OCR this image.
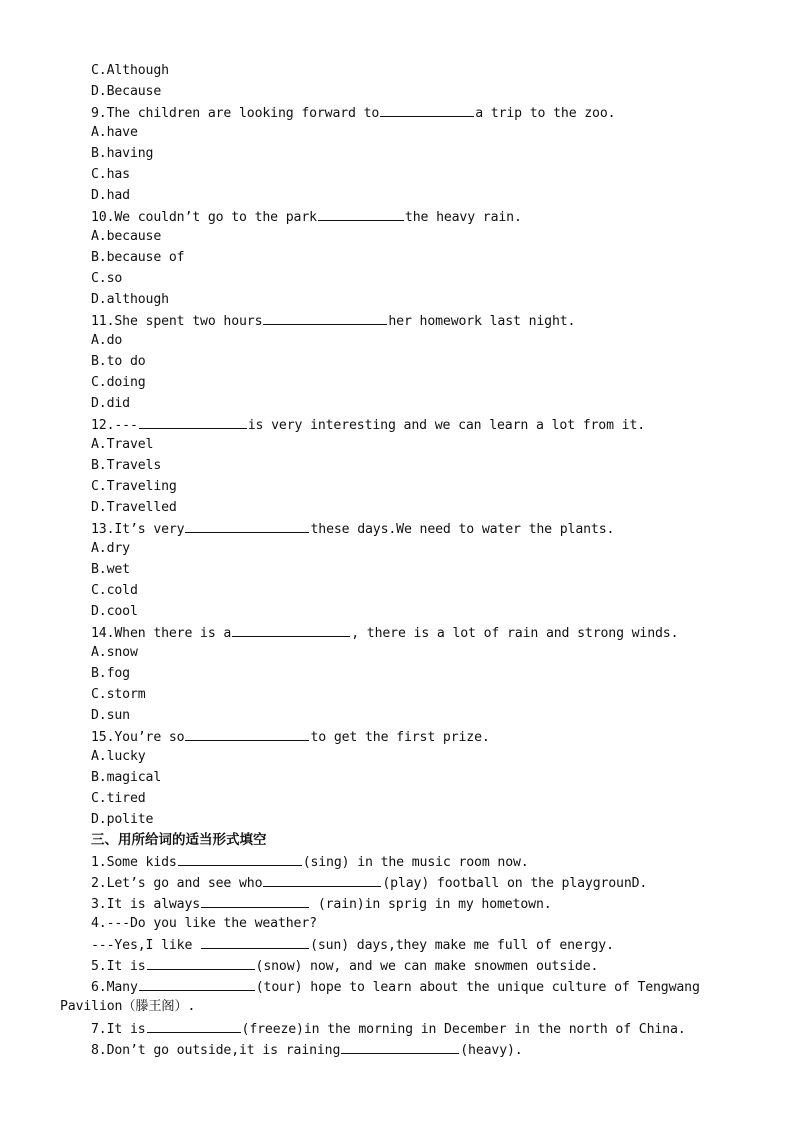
C.Although
D.Because
9.The children are looking forward to	a trip to the zoo.
A.have
B.having
C.has
D.had
10.We couldn’t go to the park	the heavy rain.
A.because
B.because of
C.so
D.although
11.She spent two hours	her homework last night.
A.do
B.to do
C.doing
D.did
12.---	is very interesting and we can learn a lot from it.
A.Travel
B.Travels
C.Traveling
D.Travelled
13.It’s very	these days.We need to water the plants.
A.dry
B.wet
C.cold
D.cool
14.When there is a	, there is a lot of rain and strong winds.
A.snow
B.fog
C.storm
D.sun
15.You’re so	to get the first prize.
A.lucky
B.magical
C.tired
D.polite
三、用所给词的适当形式填空
1.Some kids	(sing) in the music room now.
2.Let’s go and see who	(play) football on the playgrounD.
3.It is always	(rain)in sprig in my hometown.
4.---Do you like the weather?
---Yes,I like	(sun) days,they make me full of energy.
5.It is	(snow) now, and we can make snowmen outside.
6.Many	(tour) hope to learn about the unique culture of Tengwang
Pavilion（滕王阁）.
7.It is	(freeze)in the morning in December in the north of China.
8.Don’t go outside,it is raining	(heavy).
